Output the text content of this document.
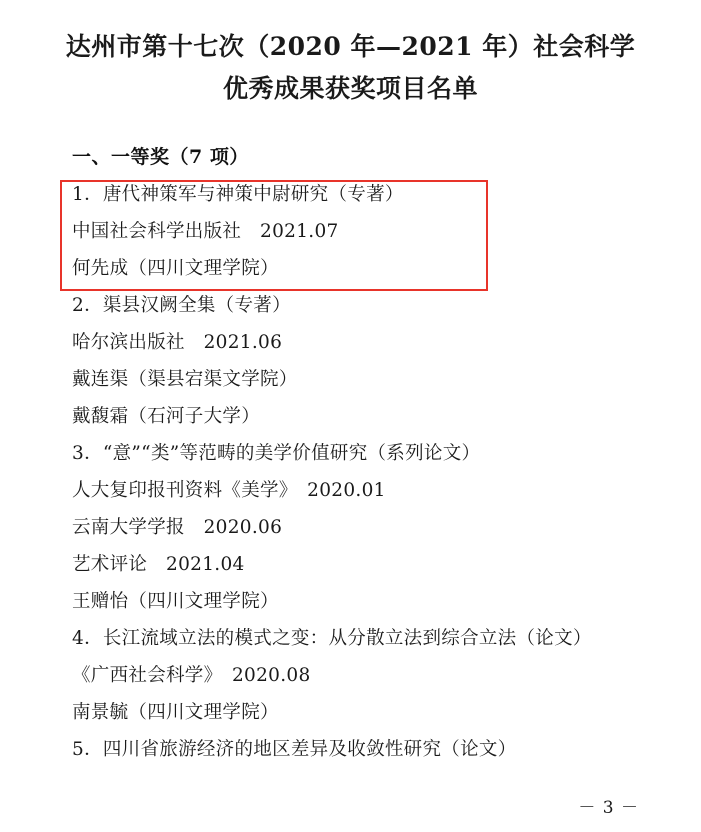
达州市第十七次（2020 年—2021 年）社会科学
优秀成果获奖项目名单
一、一等奖（7 项）
1．唐代神策军与神策中尉研究（专著）
中国社会科学出版社　2021.07
何先成（四川文理学院）
2．渠县汉阙全集（专著）
哈尔滨出版社　2021.06
戴连渠（渠县宕渠文学院）
戴馥霜（石河子大学）
3．“意”“类”等范畴的美学价值研究（系列论文）
人大复印报刊资料《美学》　2020.01
云南大学学报　2020.06
艺术评论　2021.04
王赠怡（四川文理学院）
4．长江流域立法的模式之变：从分散立法到综合立法（论文）
《广西社会科学》　2020.08
南景毓（四川文理学院）
5．四川省旅游经济的地区差异及收敛性研究（论文）
－ 3 －
